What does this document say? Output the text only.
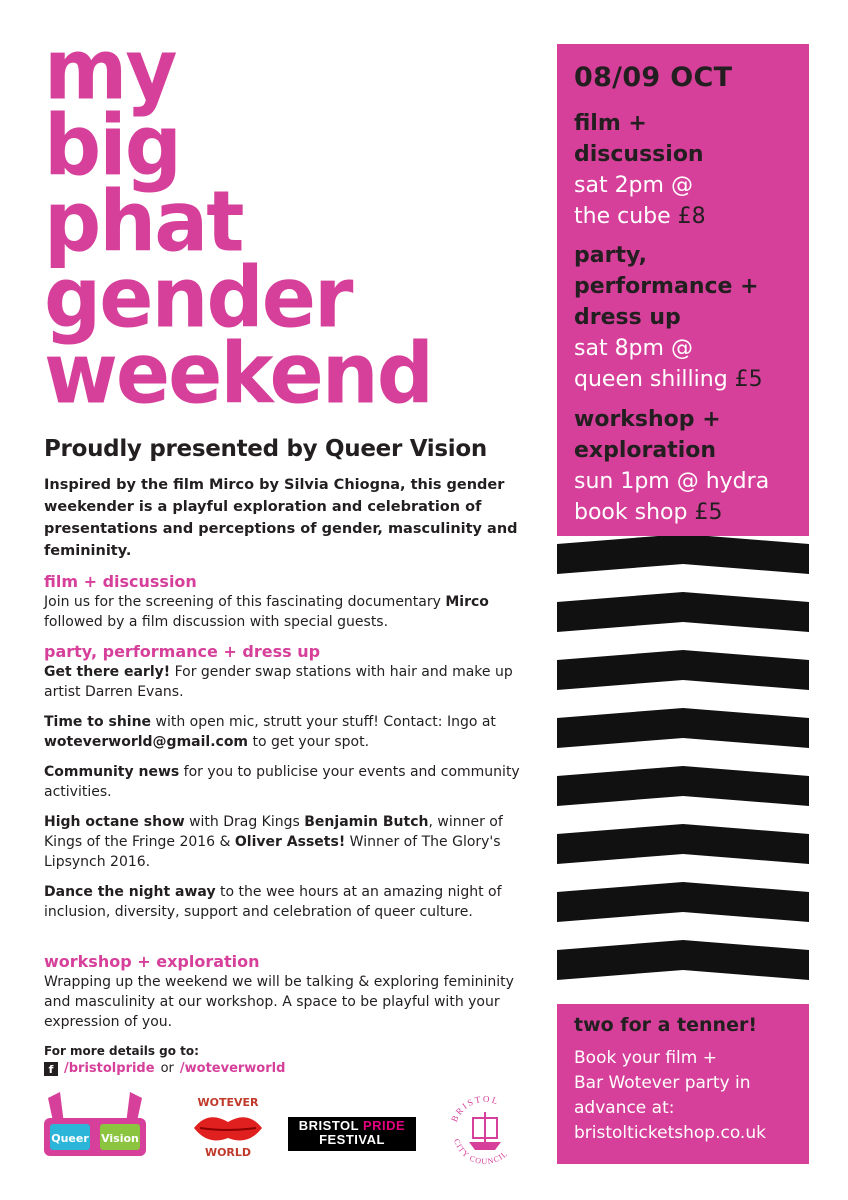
my
big
phat
gender
weekend
Proudly presented by Queer Vision
Inspired by the film Mirco by Silvia Chiogna, this gender weekender is a playful exploration and celebration of presentations and perceptions of gender, masculinity and femininity.
film + discussion

Join us for the screening of this fascinating documentary Mirco followed by a film discussion with special guests.

party, performance + dress up

Get there early! For gender swap stations with hair and make up artist Darren Evans.

Time to shine with open mic, strutt your stuff! Contact: Ingo at woteverworld@gmail.com to get your spot.

Community news for you to publicise your events and community activities.

High octane show with Drag Kings Benjamin Butch, winner of Kings of the Fringe 2016 & Oliver Assets! Winner of The Glory's Lipsynch 2016.

Dance the night away to the wee hours at an amazing night of inclusion, diversity, support and celebration of queer culture.

workshop + exploration

Wrapping up the weekend we will be talking & exploring femininity and masculinity at our workshop. A space to be playful with your expression of you.

For more details go to:
f /bristolpride or /woteverworld
Queer Vision
WOTEVER
WORLD
BRISTOL PRIDE
FESTIVAL
BRISTOL
CITY COUNCIL
08/09 OCT
film +
discussion
sat 2pm @
the cube £8
party,
performance +
dress up
sat 8pm @
queen shilling £5
workshop +
exploration
sun 1pm @ hydra
book shop £5
two for a tenner!
Book your film +
Bar Wotever party in
advance at:
bristolticketshop.co.uk
